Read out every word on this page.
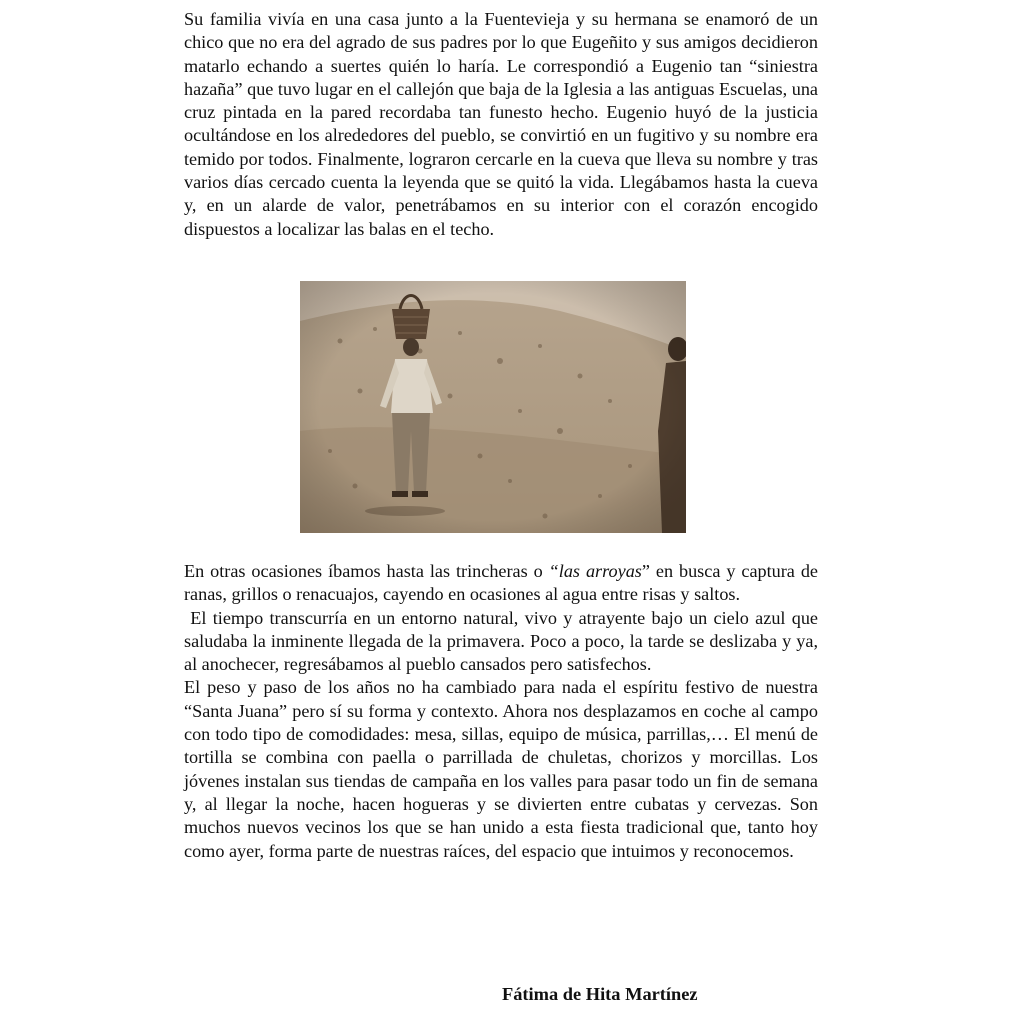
Su familia vivía en una casa junto a la Fuentevieja y su hermana se enamoró de un chico que no era del agrado de sus padres por lo que Eugeñito y sus amigos decidieron matarlo echando a suertes quién lo haría. Le correspondió a Eugenio tan “siniestra hazaña” que tuvo lugar en el callejón que baja de la Iglesia a las antiguas Escuelas, una cruz pintada en la pared recordaba tan funesto hecho. Eugenio huyó de la justicia ocultándose en los alrededores del pueblo, se convirtió en un fugitivo y su nombre era temido por todos. Finalmente, lograron cercarle en la cueva que lleva su nombre y tras varios días cercado cuenta la leyenda que se quitó la vida. Llegábamos hasta la cueva y, en un alarde de valor, penetrábamos en su interior con el corazón encogido dispuestos a localizar las balas en el techo.

En otras ocasiones íbamos hasta las trincheras o “las arroyas” en busca y captura de ranas, grillos o renacuajos, cayendo en ocasiones al agua entre risas y saltos.

El tiempo transcurría en un entorno natural, vivo y atrayente bajo un cielo azul que saludaba la inminente llegada de la primavera. Poco a poco, la tarde se deslizaba y ya, al anochecer, regresábamos al pueblo cansados pero satisfechos.

El peso y paso de los años no ha cambiado para nada el espíritu festivo de nuestra “Santa Juana” pero sí su forma y contexto. Ahora nos desplazamos en coche al campo con todo tipo de comodidades: mesa, sillas, equipo de música, parrillas,… El menú de tortilla se combina con paella o parrillada de chuletas, chorizos y morcillas. Los jóvenes instalan sus tiendas de campaña en los valles para pasar todo un fin de semana y, al llegar la noche, hacen hogueras y se divierten entre cubatas y cervezas. Son muchos nuevos vecinos los que se han unido a esta fiesta tradicional que, tanto hoy como ayer, forma parte de nuestras raíces, del espacio que intuimos y reconocemos.

Fátima de Hita Martínez
